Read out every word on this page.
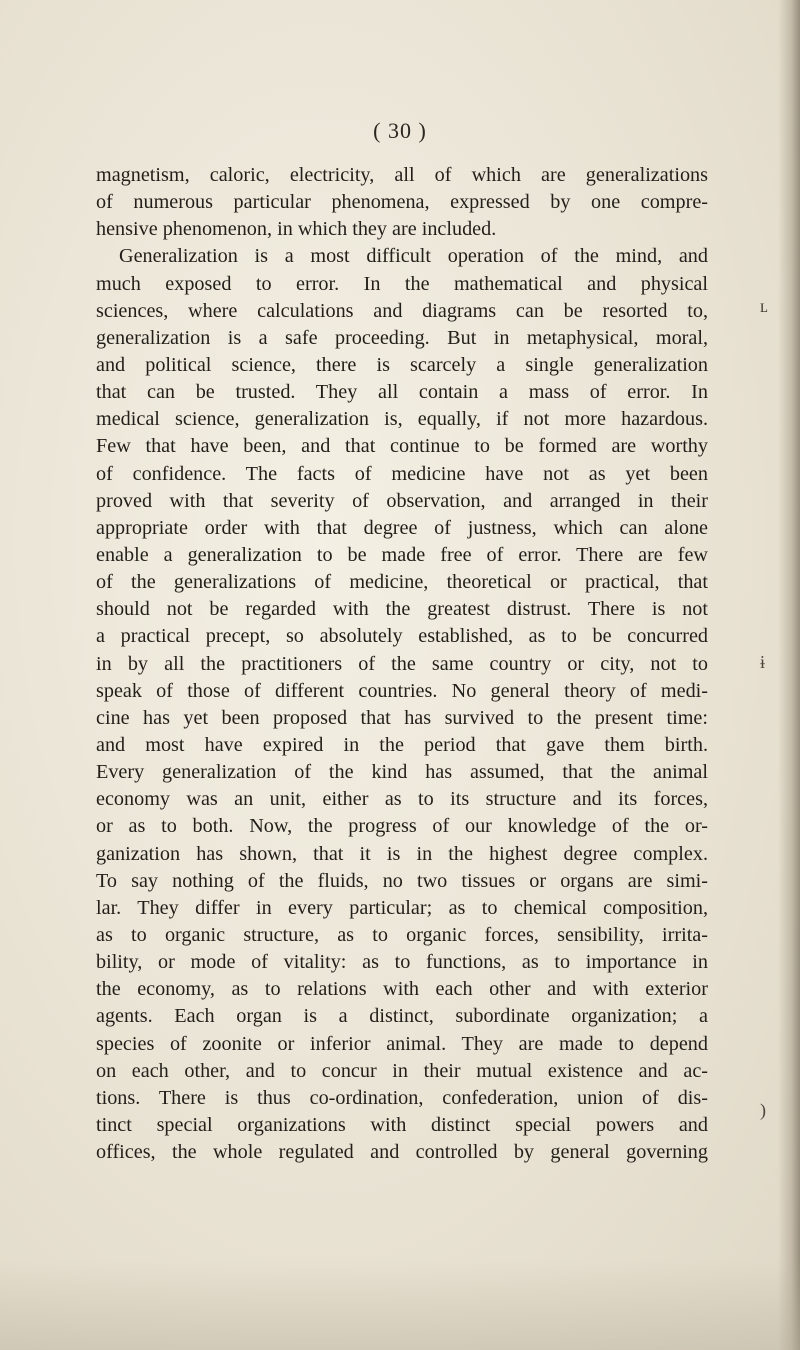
( 30 )
magnetism, caloric, electricity, all of which are generalizations
of numerous particular phenomena, expressed by one compre-
hensive phenomenon, in which they are included.
Generalization is a most difficult operation of the mind, and
much exposed to error. In the mathematical and physical
sciences, where calculations and diagrams can be resorted to,
generalization is a safe proceeding. But in metaphysical, moral,
and political science, there is scarcely a single generalization
that can be trusted. They all contain a mass of error. In
medical science, generalization is, equally, if not more hazardous.
Few that have been, and that continue to be formed are worthy
of confidence. The facts of medicine have not as yet been
proved with that severity of observation, and arranged in their
appropriate order with that degree of justness, which can alone
enable a generalization to be made free of error. There are few
of the generalizations of medicine, theoretical or practical, that
should not be regarded with the greatest distrust. There is not
a practical precept, so absolutely established, as to be concurred
in by all the practitioners of the same country or city, not to
speak of those of different countries. No general theory of medi-
cine has yet been proposed that has survived to the present time:
and most have expired in the period that gave them birth.
Every generalization of the kind has assumed, that the animal
economy was an unit, either as to its structure and its forces,
or as to both. Now, the progress of our knowledge of the or-
ganization has shown, that it is in the highest degree complex.
To say nothing of the fluids, no two tissues or organs are simi-
lar. They differ in every particular; as to chemical composition,
as to organic structure, as to organic forces, sensibility, irrita-
bility, or mode of vitality: as to functions, as to importance in
the economy, as to relations with each other and with exterior
agents. Each organ is a distinct, subordinate organization; a
species of zoonite or inferior animal. They are made to depend
on each other, and to concur in their mutual existence and ac-
tions. There is thus co-ordination, confederation, union of dis-
tinct special organizations with distinct special powers and
offices, the whole regulated and controlled by general governing
ʟ
ɨ
)
